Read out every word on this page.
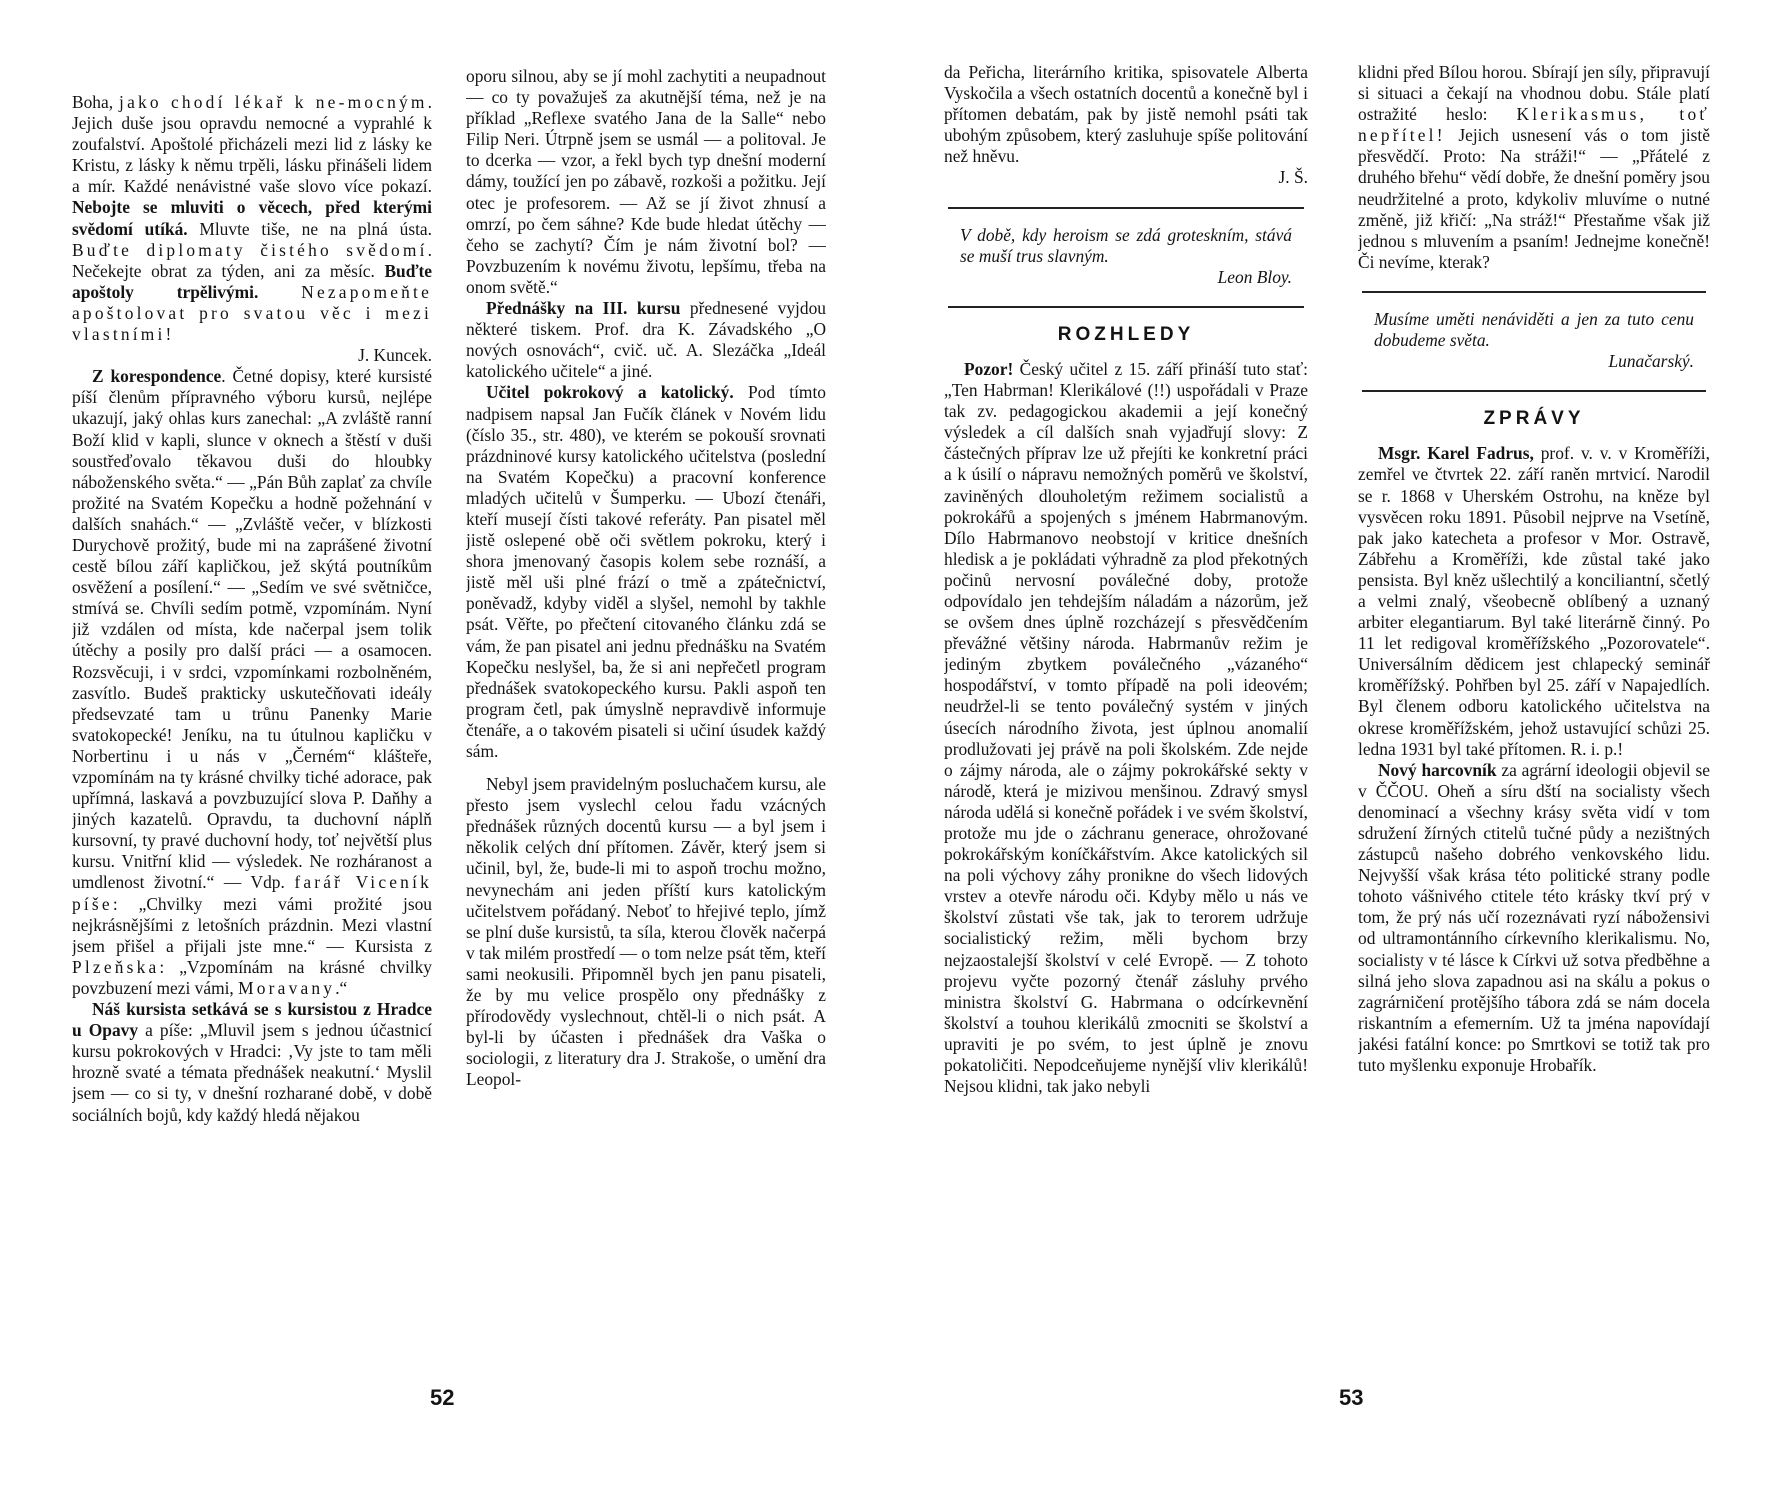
Boha, jako chodí lékař k ne-mocným. Jejich duše jsou opravdu nemocné a vyprahlé k zoufalství. Apoštolé přicházeli mezi lid z lásky ke Kristu, z lásky k němu trpěli, lásku přinášeli lidem a mír. Každé nenávistné vaše slovo více pokazí. Nebojte se mluviti o věcech, před kterými svědomí utíká. Mluvte tiše, ne na plná ústa. Buďte diplomaty čistého svědomí. Nečekejte obrat za týden, ani za měsíc. Buďte apoštoly trpělivými. Nezapomeňte apoštolovat pro svatou věc i mezi vlastními!

J. Kuncek.

Z korespondence. Četné dopisy, které kursisté píší členům přípravného výboru kursů, nejlépe ukazují, jaký ohlas kurs zanechal: „A zvláště ranní Boží klid v kapli, slunce v oknech a štěstí v duši soustřeďovalo těkavou duši do hloubky náboženského světa.“ — „Pán Bůh zaplať za chvíle prožité na Svatém Kopečku a hodně požehnání v dalších snahách.“ — „Zvláště večer, v blízkosti Durychově prožitý, bude mi na zaprášené životní cestě bílou září kapličkou, jež skýtá poutníkům osvěžení a posílení.“ — „Sedím ve své světničce, stmívá se. Chvíli sedím potmě, vzpomínám. Nyní již vzdálen od místa, kde načerpal jsem tolik útěchy a posily pro další práci — a osamocen. Rozsvěcuji, i v srdci, vzpomínkami rozbolněném, zasvítlo. Budeš prakticky uskutečňovati ideály předsevzaté tam u trůnu Panenky Marie svatokopecké! Jeníku, na tu útulnou kapličku v Norbertinu i u nás v „Černém“ klášteře, vzpomínám na ty krásné chvilky tiché adorace, pak upřímná, laskavá a povzbuzující slova P. Daňhy a jiných kazatelů. Opravdu, ta duchovní náplň kursovní, ty pravé duchovní hody, toť největší plus kursu. Vnitřní klid — výsledek. Ne rozháranost a umdlenost životní.“ — Vdp. farář Viceník píše: „Chvilky mezi vámi prožité jsou nejkrásnějšími z letošních prázdnin. Mezi vlastní jsem přišel a přijali jste mne.“ — Kursista z Plzeňska: „Vzpomínám na krásné chvilky povzbuzení mezi vámi, Moravany.“

Náš kursista setkává se s kursistou z Hradce u Opavy a píše: „Mluvil jsem s jednou účastnicí kursu pokrokových v Hradci: ‚Vy jste to tam měli hrozně svaté a témata přednášek neakutní.‘ Myslil jsem — co si ty, v dnešní rozharané době, v době sociálních bojů, kdy každý hledá nějakou

oporu silnou, aby se jí mohl zachytiti a neupadnout — co ty považuješ za akutnější téma, než je na příklad „Reflexe svatého Jana de la Salle“ nebo Filip Neri. Útrpně jsem se usmál — a politoval. Je to dcerka — vzor, a řekl bych typ dnešní moderní dámy, toužící jen po zábavě, rozkoši a požitku. Její otec je profesorem. — Až se jí život zhnusí a omrzí, po čem sáhne? Kde bude hledat útěchy — čeho se zachytí? Čím je nám životní bol? — Povzbuzením k novému životu, lepšímu, třeba na onom světě.“

Přednášky na III. kursu přednesené vyjdou některé tiskem. Prof. dra K. Závadského „O nových osnovách“, cvič. uč. A. Slezáčka „Ideál katolického učitele“ a jiné.

Učitel pokrokový a katolický. Pod tímto nadpisem napsal Jan Fučík článek v Novém lidu (číslo 35., str. 480), ve kterém se pokouší srovnati prázdninové kursy katolického učitelstva (poslední na Svatém Kopečku) a pracovní konference mladých učitelů v Šumperku. — Ubozí čtenáři, kteří musejí čísti takové referáty. Pan pisatel měl jistě oslepené obě oči světlem pokroku, který i shora jmenovaný časopis kolem sebe roznáší, a jistě měl uši plné frází o tmě a zpátečnictví, poněvadž, kdyby viděl a slyšel, nemohl by takhle psát. Věřte, po přečtení citovaného článku zdá se vám, že pan pisatel ani jednu přednášku na Svatém Kopečku neslyšel, ba, že si ani nepřečetl program přednášek svatokopeckého kursu. Pakli aspoň ten program četl, pak úmyslně nepravdivě informuje čtenáře, a o takovém pisateli si učiní úsudek každý sám.

Nebyl jsem pravidelným posluchačem kursu, ale přesto jsem vyslechl celou řadu vzácných přednášek různých docentů kursu — a byl jsem i několik celých dní přítomen. Závěr, který jsem si učinil, byl, že, bude-li mi to aspoň trochu možno, nevynechám ani jeden příští kurs katolickým učitelstvem pořádaný. Neboť to hřejivé teplo, jímž se plní duše kursistů, ta síla, kterou člověk načerpá v tak milém prostředí — o tom nelze psát těm, kteří sami neokusili. Připomněl bych jen panu pisateli, že by mu velice prospělo ony přednášky z přírodovědy vyslechnout, chtěl-li o nich psát. A byl-li by účasten i přednášek dra Vaška o sociologii, z literatury dra J. Strakoše, o umění dra Leopol-

52

da Peřicha, literárního kritika, spisovatele Alberta Vyskočila a všech ostatních docentů a konečně byl i přítomen debatám, pak by jistě nemohl psáti tak ubohým způsobem, který zasluhuje spíše politování než hněvu.

J. Š.

V době, kdy heroism se zdá groteskním, stává se muší trus slavným.
Leon Bloy.
ROZHLEDY

Pozor! Český učitel z 15. září přináší tuto stať: „Ten Habrman! Klerikálové (!!) uspořádali v Praze tak zv. pedagogickou akademii a její konečný výsledek a cíl dalších snah vyjadřují slovy: Z částečných příprav lze už přejíti ke konkretní práci a k úsilí o nápravu nemožných poměrů ve školství, zaviněných dlouholetým režimem socialistů a pokrokářů a spojených s jménem Habrmanovým. Dílo Habrmanovo neobstojí v kritice dnešních hledisk a je pokládati výhradně za plod překotných počinů nervosní poválečné doby, protože odpovídalo jen tehdejším náladám a názorům, jež se ovšem dnes úplně rozcházejí s přesvědčením převážné většiny národa. Habrmanův režim je jediným zbytkem poválečného „vázaného“ hospodářství, v tomto případě na poli ideovém; neudržel-li se tento poválečný systém v jiných úsecích národního života, jest úplnou anomalií prodlužovati jej právě na poli školském. Zde nejde o zájmy národa, ale o zájmy pokrokářské sekty v národě, která je mizivou menšinou. Zdravý smysl národa udělá si konečně pořádek i ve svém školství, protože mu jde o záchranu generace, ohrožované pokrokářským koníčkářstvím. Akce katolických sil na poli výchovy záhy pronikne do všech lidových vrstev a otevře národu oči. Kdyby mělo u nás ve školství zůstati vše tak, jak to terorem udržuje socialistický režim, měli bychom brzy nejzaostalejší školství v celé Evropě. — Z tohoto projevu vyčte pozorný čtenář zásluhy prvého ministra školství G. Habrmana o odcírkevnění školství a touhou klerikálů zmocniti se školství a upraviti je po svém, to jest úplně je znovu pokatoličiti. Nepodceňujeme nynější vliv klerikálů! Nejsou klidni, tak jako nebyli

klidni před Bílou horou. Sbírají jen síly, připravují si situaci a čekají na vhodnou dobu. Stále platí ostražité heslo: Klerikasmus, toť nepřítel! Jejich usnesení vás o tom jistě přesvědčí. Proto: Na stráži!“ — „Přátelé z druhého břehu“ vědí dobře, že dnešní poměry jsou neudržitelné a proto, kdykoliv mluvíme o nutné změně, již křičí: „Na stráž!“ Přestaňme však již jednou s mluvením a psaním! Jednejme konečně! Či nevíme, kterak?

Musíme uměti nenáviděti a jen za tuto cenu dobudeme světa.
Lunačarský.
ZPRÁVY

Msgr. Karel Fadrus, prof. v. v. v Kroměříži, zemřel ve čtvrtek 22. září raněn mrtvicí. Narodil se r. 1868 v Uherském Ostrohu, na kněze byl vysvěcen roku 1891. Působil nejprve na Vsetíně, pak jako katecheta a profesor v Mor. Ostravě, Zábřehu a Kroměříži, kde zůstal také jako pensista. Byl kněz ušlechtilý a konciliantní, sčetlý a velmi znalý, všeobecně oblíbený a uznaný arbiter elegantiarum. Byl také literárně činný. Po 11 let redigoval kroměřížského „Pozorovatele“. Universálním dědicem jest chlapecký seminář kroměřížský. Pohřben byl 25. září v Napajedlích. Byl členem odboru katolického učitelstva na okrese kroměřížském, jehož ustavující schůzi 25. ledna 1931 byl také přítomen. R. i. p.!

Nový harcovník za agrární ideologii objevil se v ČČOU. Oheň a síru dští na socialisty všech denominací a všechny krásy světa vidí v tom sdružení žírných ctitelů tučné půdy a nezištných zástupců našeho dobrého venkovského lidu. Nejvyšší však krása této politické strany podle tohoto vášnivého ctitele této krásky tkví prý v tom, že prý nás učí rozeznávati ryzí nábožensivi od ultramontánního církevního klerikalismu. No, socialisty v té lásce k Církvi už sotva předběhne a silná jeho slova zapadnou asi na skálu a pokus o zagrárničení protějšího tábora zdá se nám docela riskantním a efemerním. Už ta jména napovídají jakési fatální konce: po Smrtkovi se totiž tak pro tuto myšlenku exponuje Hrobařík.

53
